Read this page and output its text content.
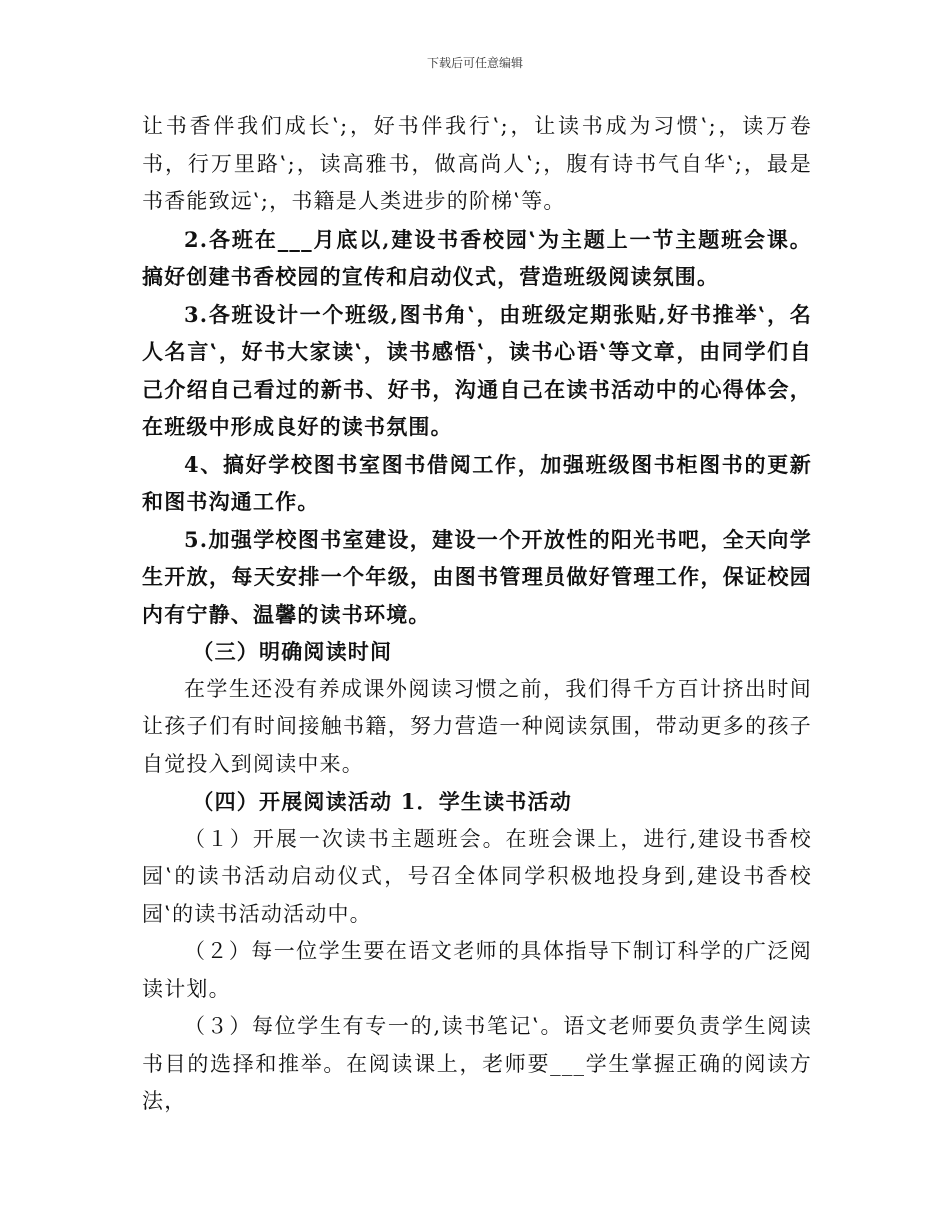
下载后可任意编辑

让书香伴我们成长‛;，好书伴我行‛;，让读书成为习惯‛;，读万卷书，行万里路‛;，读高雅书，做高尚人‛;，腹有诗书气自华‛;，最是书香能致远‛;，书籍是人类进步的阶梯‛等。

2.各班在___月底以‚建设书香校园‛为主题上一节主题班会课。搞好创建书香校园的宣传和启动仪式，营造班级阅读氛围。

3.各班设计一个班级‚图书角‛，由班级定期张贴‚好书推举‛，名人名言‛，好书大家读‛，读书感悟‛，读书心语‛等文章，由同学们自己介绍自己看过的新书、好书，沟通自己在读书活动中的心得体会，在班级中形成良好的读书氛围。

4、搞好学校图书室图书借阅工作，加强班级图书柜图书的更新和图书沟通工作。

5.加强学校图书室建设，建设一个开放性的阳光书吧，全天向学生开放，每天安排一个年级，由图书管理员做好管理工作，保证校园内有宁静、温馨的读书环境。

（三）明确阅读时间

在学生还没有养成课外阅读习惯之前，我们得千方百计挤出时间让孩子们有时间接触书籍，努力营造一种阅读氛围，带动更多的孩子自觉投入到阅读中来。

（四）开展阅读活动 1．学生读书活动

（１）开展一次读书主题班会。在班会课上，进行‚建设书香校园‛的读书活动启动仪式，号召全体同学积极地投身到‚建设书香校园‛的读书活动活动中。

（２）每一位学生要在语文老师的具体指导下制订科学的广泛阅读计划。

（３）每位学生有专一的‚读书笔记‛。语文老师要负责学生阅读书目的选择和推举。在阅读课上，老师要___学生掌握正确的阅读方法，
